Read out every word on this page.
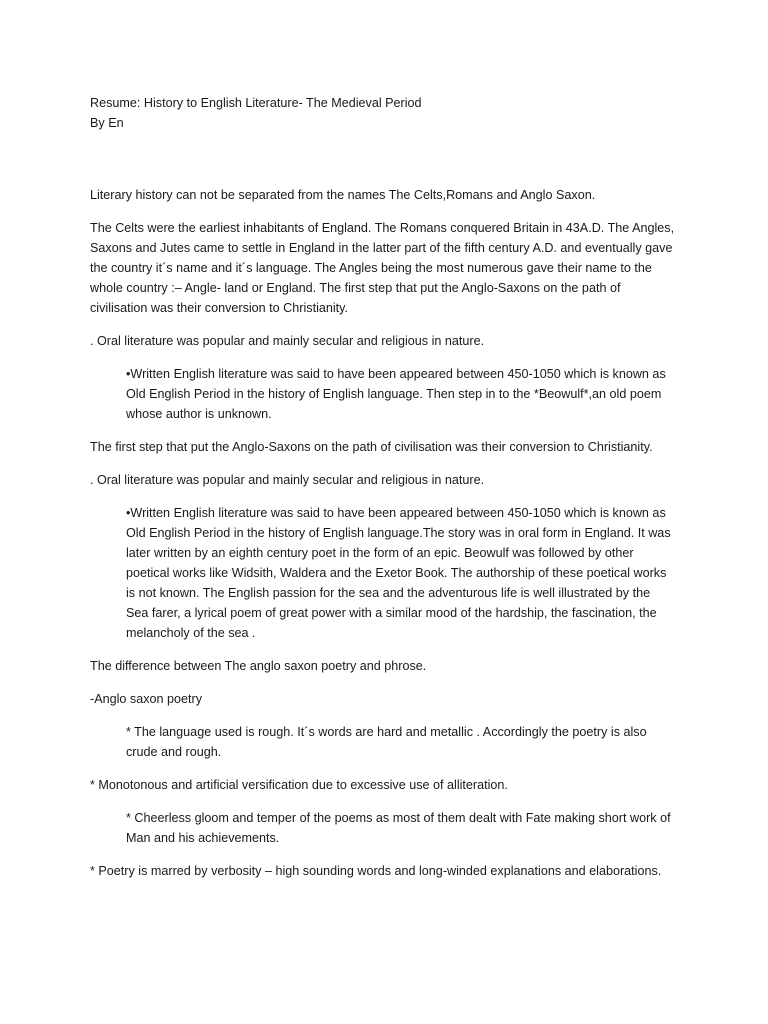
Resume: History to English Literature- The Medieval Period
By En

Literary history can not be separated from the names The Celts,Romans and Anglo Saxon.

The Celts were the earliest inhabitants of England. The Romans conquered Britain in 43A.D. The Angles, Saxons and Jutes came to settle in England in the latter part of the fifth century A.D. and eventually gave the country it´s name and it´s language. The Angles being the most numerous gave their name to the whole country :– Angle- land or England. The first step that put the Anglo-Saxons on the path of civilisation was their conversion to Christianity.

. Oral literature was popular and mainly secular and religious in nature.

•Written English literature was said to have been appeared between 450-1050 which is known as Old English Period in the history of English language. Then step in to the *Beowulf*,an old poem whose author is unknown.

The first step that put the Anglo-Saxons on the path of civilisation was their conversion to Christianity.

. Oral literature was popular and mainly secular and religious in nature.

•Written English literature was said to have been appeared between 450-1050 which is known as Old English Period in the history of English language.The story was in oral form in England. It was later written by an eighth century poet in the form of an epic. Beowulf was followed by other poetical works like Widsith, Waldera and the Exetor Book. The authorship of these poetical works is not known. The English passion for the sea and the adventurous life is well illustrated by the Sea farer, a lyrical poem of great power with a similar mood of the hardship, the fascination, the melancholy of the sea .

The difference between The anglo saxon poetry and phrose.

-Anglo saxon poetry

* The language used is rough. It´s words are hard and metallic . Accordingly the poetry is also crude and rough.

* Monotonous and artificial versification due to excessive use of alliteration.

* Cheerless gloom and temper of the poems as most of them dealt with Fate making short work of Man and his achievements.

* Poetry is marred by verbosity – high sounding words and long-winded explanations and elaborations.
